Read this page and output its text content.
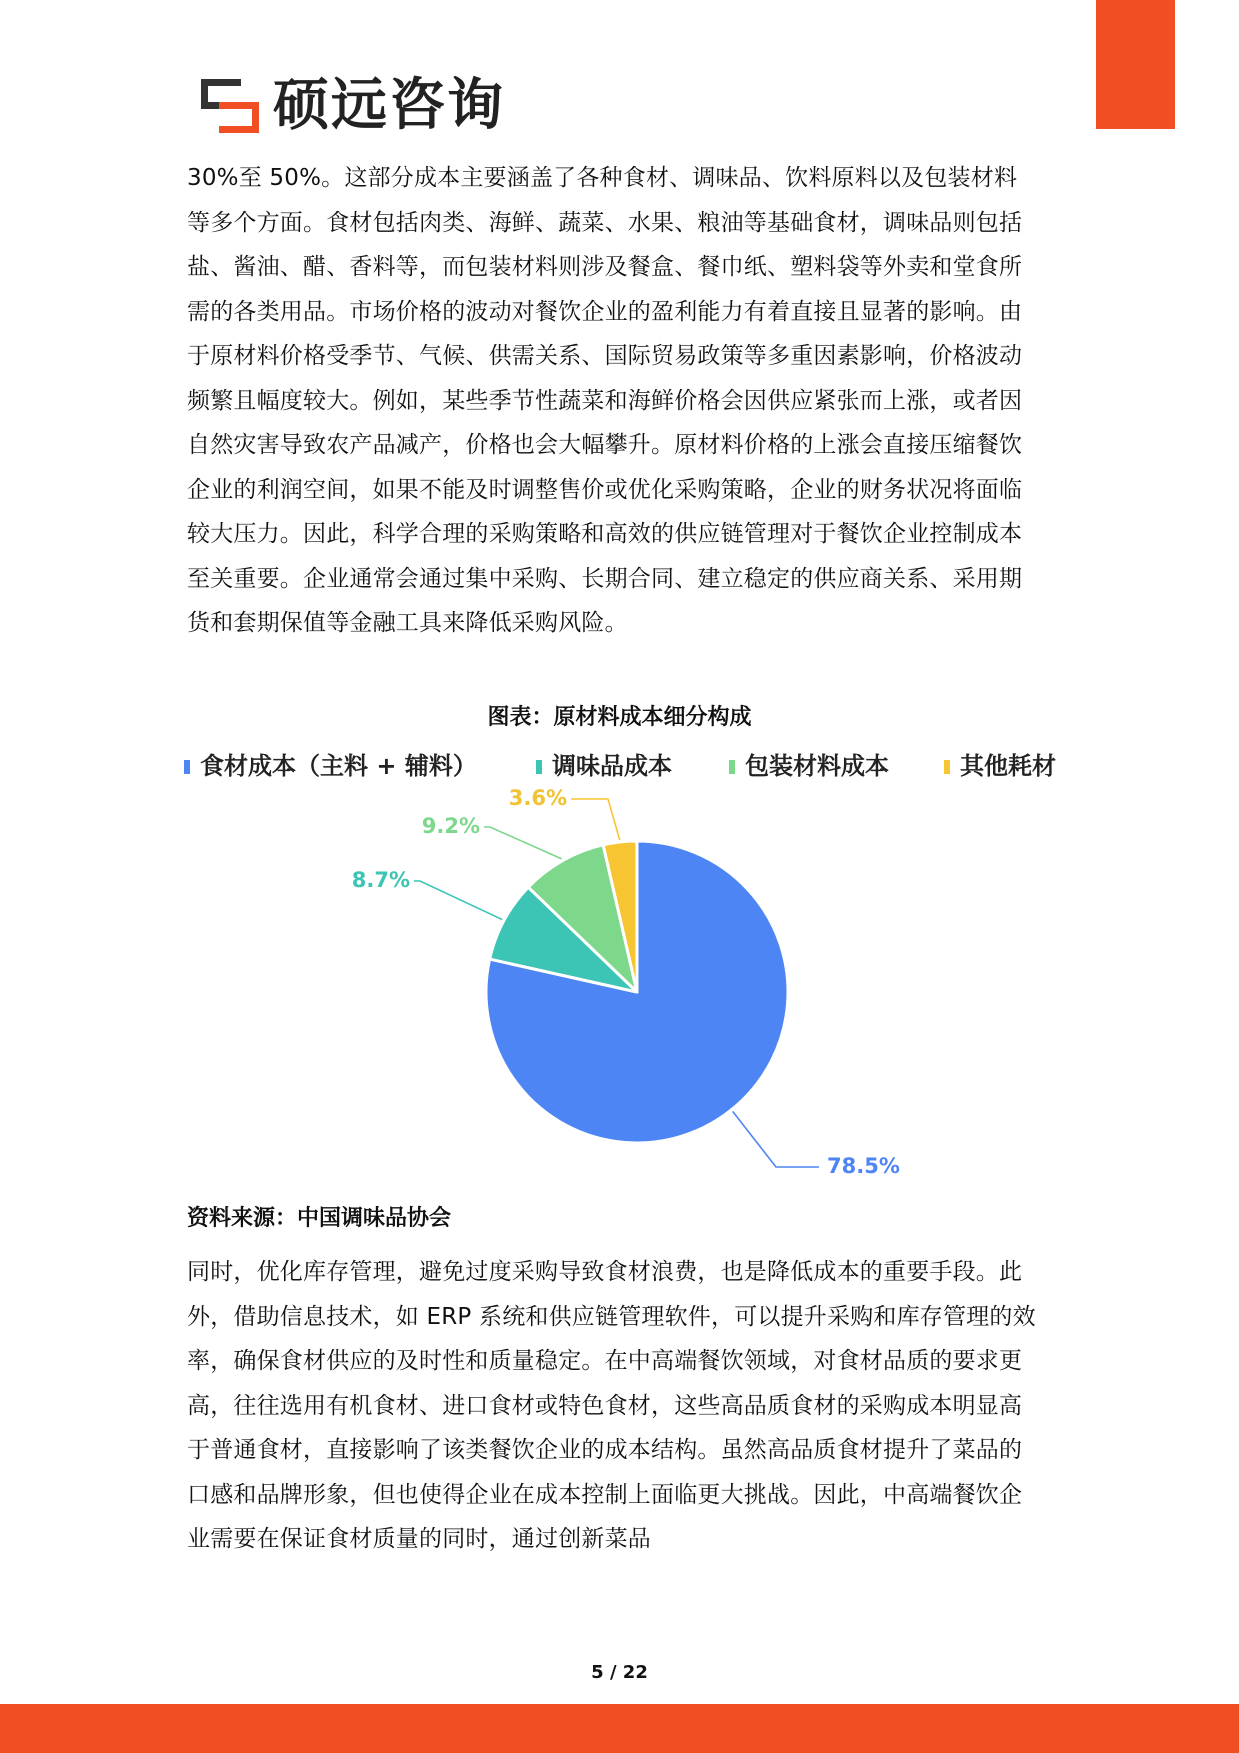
硕远咨询

30%至 50%。这部分成本主要涵盖了各种食材、调味品、饮料原料以及包装材料等多个方面。食材包括肉类、海鲜、蔬菜、水果、粮油等基础食材，调味品则包括盐、酱油、醋、香料等，而包装材料则涉及餐盒、餐巾纸、塑料袋等外卖和堂食所需的各类用品。市场价格的波动对餐饮企业的盈利能力有着直接且显著的影响。由于原材料价格受季节、气候、供需关系、国际贸易政策等多重因素影响，价格波动频繁且幅度较大。例如，某些季节性蔬菜和海鲜价格会因供应紧张而上涨，或者因自然灾害导致农产品减产，价格也会大幅攀升。原材料价格的上涨会直接压缩餐饮企业的利润空间，如果不能及时调整售价或优化采购策略，企业的财务状况将面临较大压力。因此，科学合理的采购策略和高效的供应链管理对于餐饮企业控制成本至关重要。企业通常会通过集中采购、长期合同、建立稳定的供应商关系、采用期货和套期保值等金融工具来降低采购风险。

图表：原材料成本细分构成
食材成本（主料 + 辅料）	调味品成本	包装材料成本	其他耗材
78.5%
8.7%
9.2%
3.6%
资料来源：中国调味品协会

同时，优化库存管理，避免过度采购导致食材浪费，也是降低成本的重要手段。此外，借助信息技术，如 ERP 系统和供应链管理软件，可以提升采购和库存管理的效率，确保食材供应的及时性和质量稳定。在中高端餐饮领域，对食材品质的要求更高，往往选用有机食材、进口食材或特色食材，这些高品质食材的采购成本明显高于普通食材，直接影响了该类餐饮企业的成本结构。虽然高品质食材提升了菜品的口感和品牌形象，但也使得企业在成本控制上面临更大挑战。因此，中高端餐饮企业需要在保证食材质量的同时，通过创新菜品

5 / 22
